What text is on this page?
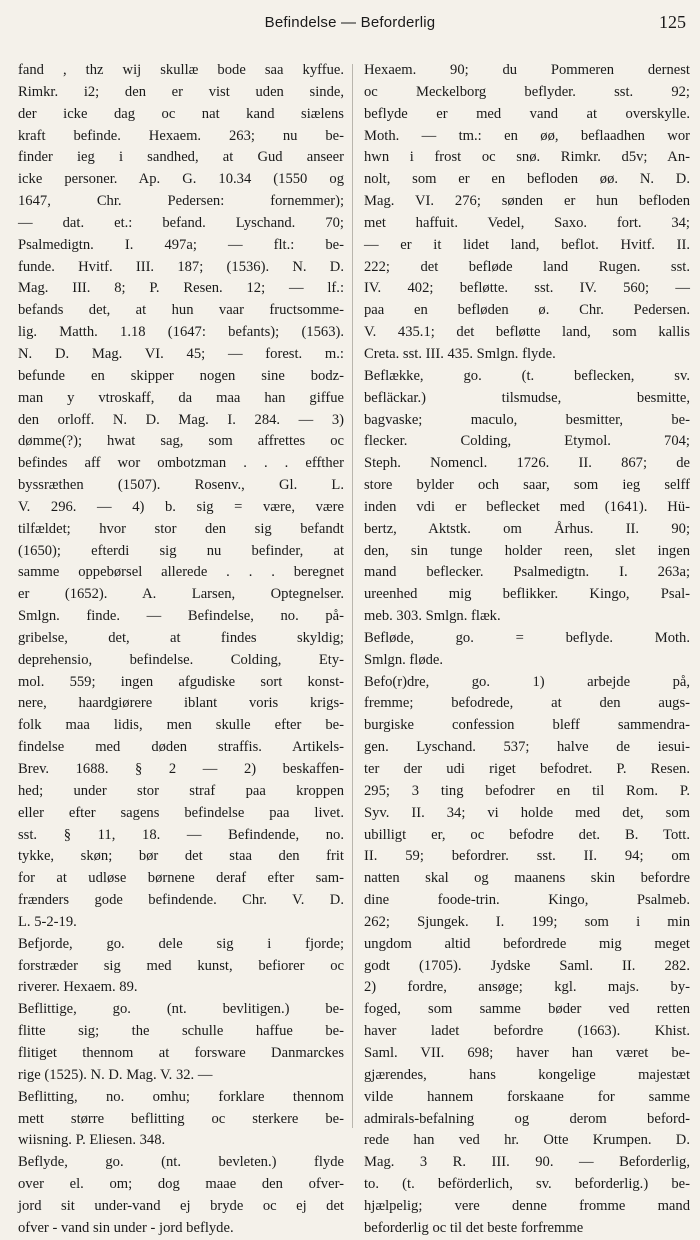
Befindelse — Beforderlig	125
fand , thz wij skullæ bode saa kyffue.
Rimkr. i2; den er vist uden sinde,
der icke dag oc nat kand siælens
kraft befinde. Hexaem. 263; nu be-
finder ieg i sandhed, at Gud anseer
icke personer. Ap. G. 10.34 (1550 og
1647, Chr. Pedersen: fornemmer);
— dat. et.: befand. Lyschand. 70;
Psalmedigtn. I. 497a; — flt.: be-
funde. Hvitf. III. 187; (1536). N. D.
Mag. III. 8; P. Resen. 12; — lf.:
befands det, at hun vaar fructsomme-
lig. Matth. 1.18 (1647: befants); (1563).
N. D. Mag. VI. 45; — forest. m.:
befunde en skipper nogen sine bodz-
man y vtroskaff, da maa han giffue
den orloff. N. D. Mag. I. 284. — 3)
dømme(?); hwat sag, som affrettes oc
befindes aff wor ombotzman . . . effther
byssræthen (1507). Rosenv., Gl. L.
V. 296. — 4) b. sig = være, være
tilfældet; hvor stor den sig befandt
(1650); efterdi sig nu befinder, at
samme oppebørsel allerede . . . beregnet
er (1652). A. Larsen, Optegnelser.
Smlgn. finde. — Befindelse, no. på-
gribelse, det, at findes skyldig;
deprehensio, befindelse. Colding, Ety-
mol. 559; ingen afgudiske sort konst-
nere, haardgiørere iblant voris krigs-
folk maa lidis, men skulle efter be-
findelse med døden straffis. Artikels-
Brev. 1688. § 2 — 2) beskaffen-
hed; under stor straf paa kroppen
eller efter sagens befindelse paa livet.
sst. § 11, 18. — Befindende, no.
tykke, skøn; bør det staa den frit
for at udløse børnene deraf efter sam-
frænders gode befindende. Chr. V. D.
L. 5-2-19.
Befjorde, go. dele sig i fjorde;
forstræder sig med kunst, befiorer oc
riverer. Hexaem. 89.
Beflittige, go. (nt. bevlitigen.) be-
flitte sig; the schulle haffue be-
flitiget thennom at forsware Danmarckes
rige (1525). N. D. Mag. V. 32. —
Beflitting, no. omhu; forklare thennom
mett større beflitting oc sterkere be-
wiisning. P. Eliesen. 348.
Beflyde, go. (nt. bevleten.) flyde
over el. om; dog maae den ofver-
jord sit under-vand ej bryde oc ej det
ofver - vand sin under - jord beflyde.
Hexaem. 90; du Pommeren dernest
oc Meckelborg beflyder. sst. 92;
beflyde er med vand at overskylle.
Moth. — tm.: en øø, beflaadhen wor
hwn i frost oc snø. Rimkr. d5v; An-
nolt, som er en befloden øø. N. D.
Mag. VI. 276; sønden er hun befloden
met haffuit. Vedel, Saxo. fort. 34;
— er it lidet land, beflot. Hvitf. II.
222; det befløde land Rugen. sst.
IV. 402; befløtte. sst. IV. 560; —
paa en befløden ø. Chr. Pedersen.
V. 435.1; det befløtte land, som kallis
Creta. sst. III. 435. Smlgn. flyde.
Beflække, go. (t. beflecken, sv.
befläckar.) tilsmudse, besmitte,
bagvaske; maculo, besmitter, be-
flecker. Colding, Etymol. 704;
Steph. Nomencl. 1726. II. 867; de
store bylder och saar, som ieg selff
inden vdi er beflecket med (1641). Hü-
bertz, Aktstk. om Århus. II. 90;
den, sin tunge holder reen, slet ingen
mand beflecker. Psalmedigtn. I. 263a;
ureenhed mig beflikker. Kingo, Psal-
meb. 303. Smlgn. flæk.
Befløde, go. = beflyde. Moth.
Smlgn. fløde.
Befo(r)dre, go. 1) arbejde på,
fremme; befodrede, at den augs-
burgiske confession bleff sammendra-
gen. Lyschand. 537; halve de iesui-
ter der udi riget befodret. P. Resen.
295; 3 ting befodrer en til Rom. P.
Syv. II. 34; vi holde med det, som
ubilligt er, oc befodre det. B. Tott.
II. 59; befordrer. sst. II. 94; om
natten skal og maanens skin befordre
dine foode-trin. Kingo, Psalmeb.
262; Sjungek. I. 199; som i min
ungdom altid befordrede mig meget
godt (1705). Jydske Saml. II. 282.
2) fordre, ansøge; kgl. majs. by-
foged, som samme bøder ved retten
haver ladet befordre (1663). Khist.
Saml. VII. 698; haver han været be-
gjærendes, hans kongelige majestæt
vilde hannem forskaane for samme
admirals-befalning og derom beford-
rede han ved hr. Otte Krumpen. D.
Mag. 3 R. III. 90. — Beforderlig,
to. (t. beförderlich, sv. beforderlig.) be-
hjælpelig; vere denne fromme mand
beforderlig oc til det beste forfremme
